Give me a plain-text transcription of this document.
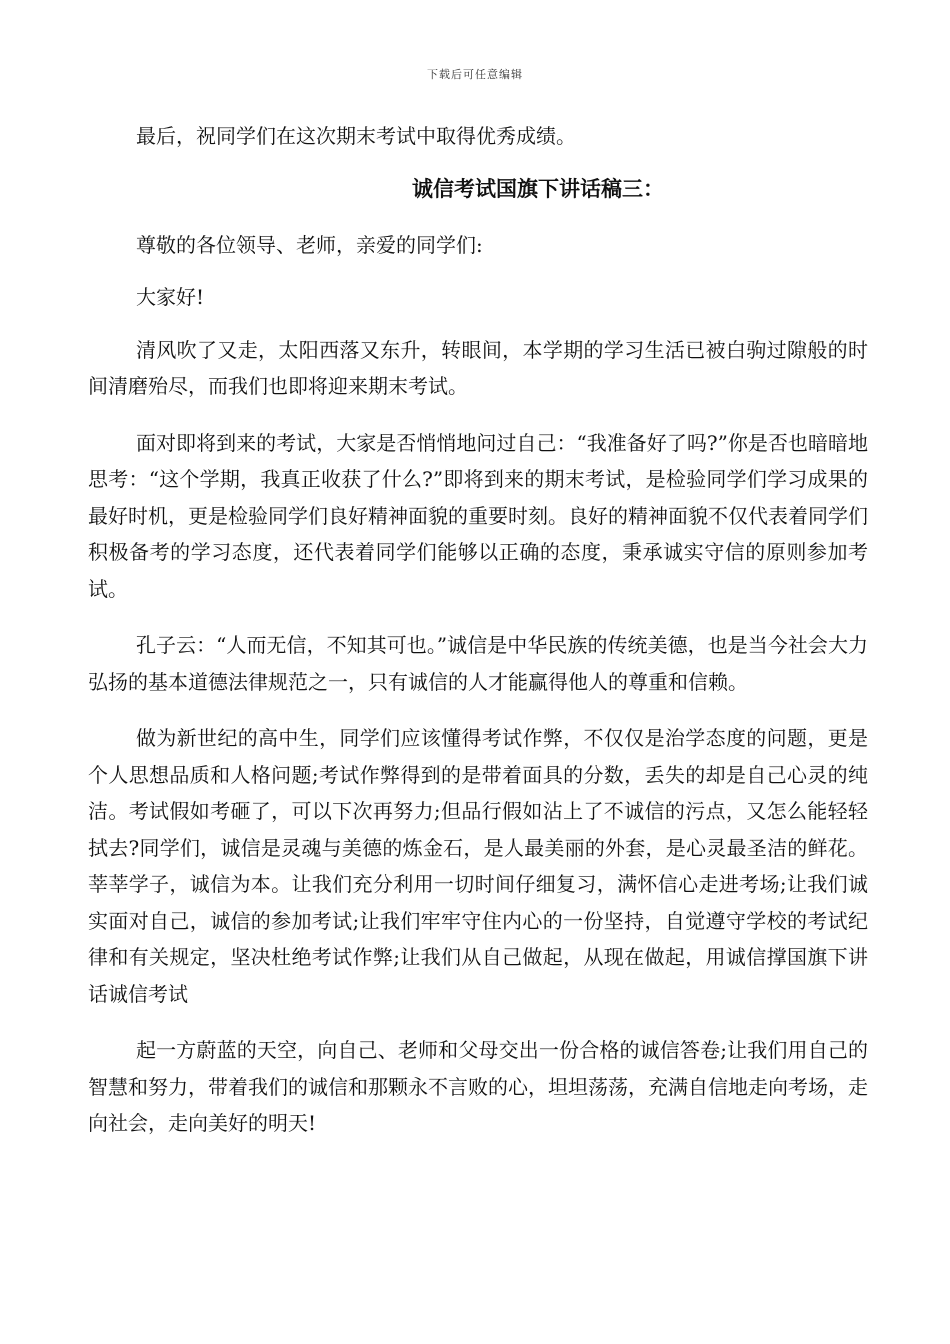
下载后可任意编辑

最后，祝同学们在这次期末考试中取得优秀成绩。

诚信考试国旗下讲话稿三：

尊敬的各位领导、老师，亲爱的同学们:

大家好!

清风吹了又走，太阳西落又东升，转眼间，本学期的学习生活已被白驹过隙般的时间清磨殆尽，而我们也即将迎来期末考试。

面对即将到来的考试，大家是否悄悄地问过自己：“我准备好了吗?”你是否也暗暗地思考：“这个学期，我真正收获了什么?”即将到来的期末考试，是检验同学们学习成果的最好时机，更是检验同学们良好精神面貌的重要时刻。良好的精神面貌不仅代表着同学们积极备考的学习态度，还代表着同学们能够以正确的态度，秉承诚实守信的原则参加考试。

孔子云：“人而无信，不知其可也。”诚信是中华民族的传统美德，也是当今社会大力弘扬的基本道德法律规范之一，只有诚信的人才能赢得他人的尊重和信赖。

做为新世纪的高中生，同学们应该懂得考试作弊，不仅仅是治学态度的问题，更是个人思想品质和人格问题;考试作弊得到的是带着面具的分数，丢失的却是自己心灵的纯洁。考试假如考砸了，可以下次再努力;但品行假如沾上了不诚信的污点，又怎么能轻轻拭去?同学们，诚信是灵魂与美德的炼金石，是人最美丽的外套，是心灵最圣洁的鲜花。莘莘学子，诚信为本。让我们充分利用一切时间仔细复习，满怀信心走进考场;让我们诚实面对自己，诚信的参加考试;让我们牢牢守住内心的一份坚持，自觉遵守学校的考试纪律和有关规定，坚决杜绝考试作弊;让我们从自己做起，从现在做起，用诚信撑国旗下讲话诚信考试

起一方蔚蓝的天空，向自己、老师和父母交出一份合格的诚信答卷;让我们用自己的智慧和努力，带着我们的诚信和那颗永不言败的心，坦坦荡荡，充满自信地走向考场，走向社会，走向美好的明天!
